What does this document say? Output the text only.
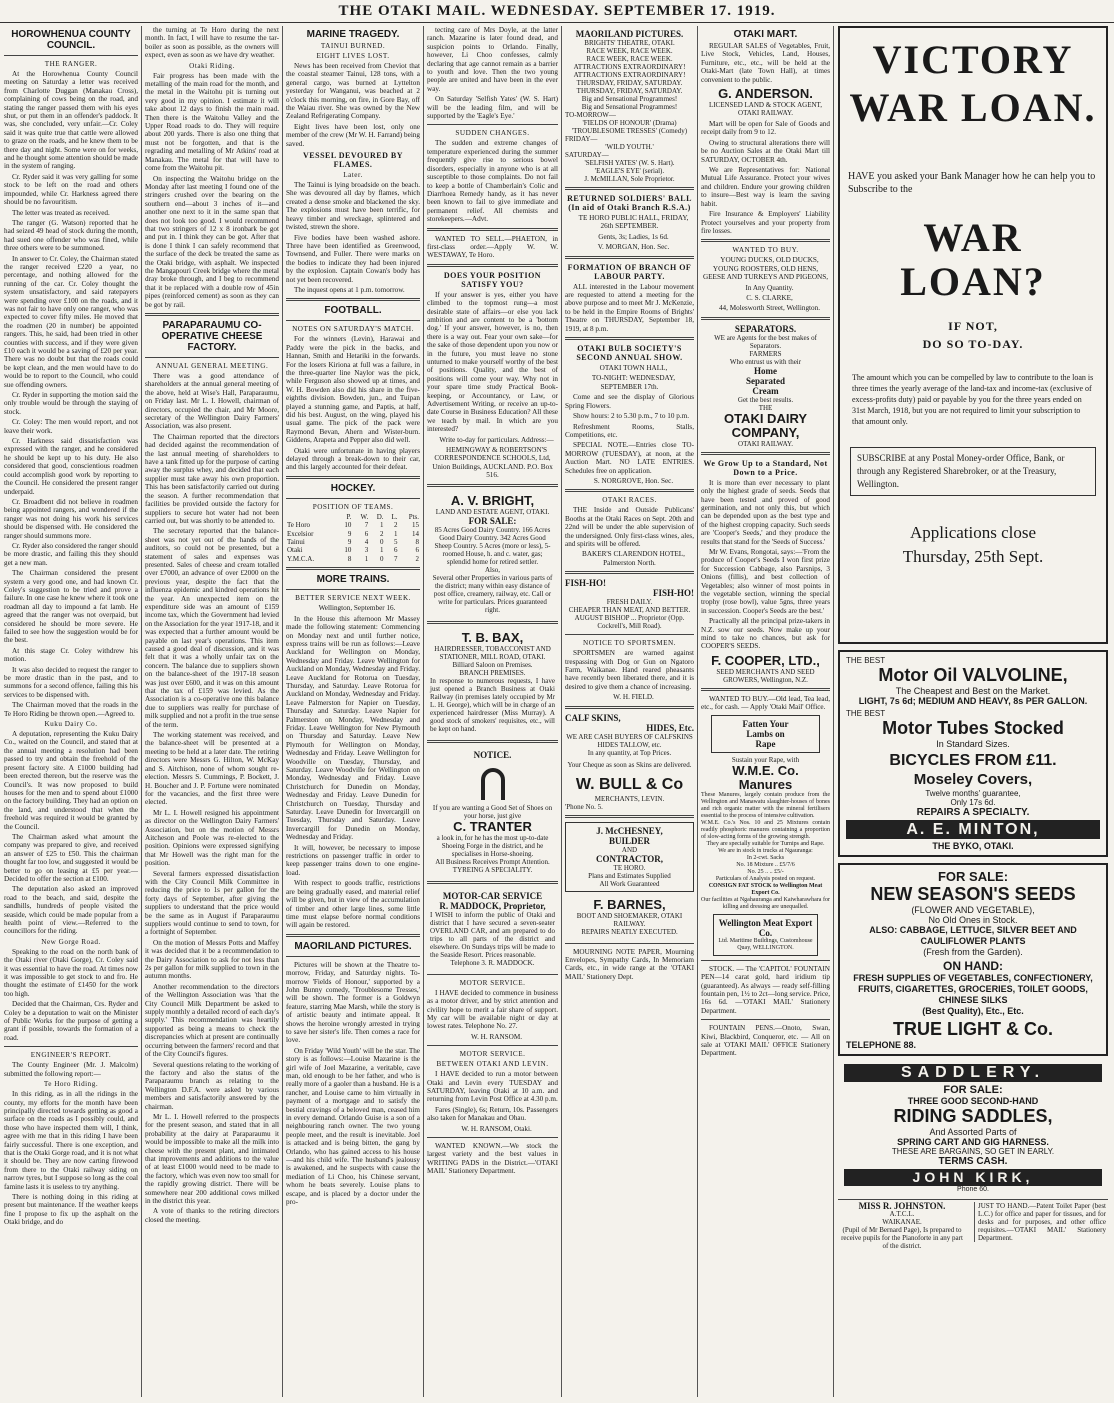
THE OTAKI MAIL. WEDNESDAY. SEPTEMBER 17. 1919.
HOROWHENUA COUNTY COUNCIL.
THE RANGER.

At the Horowhenua County Council meeting on Saturday a letter was received from Charlotte Duggan (Manakau Cross), complaining of cows being on the road, and stating the ranger passed them with his eyes shut, or put them in an offender's paddock. It was, she concluded, very unfair.—Cr. Coley said it was quite true that cattle were allowed to graze on the roads, and he knew them to be there day and night. Some were on for weeks, and he thought some attention should be made in the system of ranging.

Cr. Ryder said it was very galling for some stock to be left on the road and others impounded, while Cr. Harkness agreed there should be no favouritism.

The letter was treated as received.

The ranger (G. Watson) reported that he had seized 49 head of stock during the month, had sued one offender who was fined, while three others were to be summoned.

In answer to Cr. Coley, the Chairman stated the ranger received £220 a year, no percentage, and nothing allowed for the running of the car. Cr. Coley thought the system unsatisfactory, and said ratepayers were spending over £100 on the roads, and it was not fair to have only one ranger, who was expected to cover fifty miles. He moved that the roadmen (20 in number) be appointed rangers. This, he said, had been tried in other counties with success, and if they were given £10 each it would be a saving of £20 per year. There was no doubt but that the roads could be kept clean, and the men would have to do would be to report to the Council, who could sue offending owners.

Cr. Ryder in supporting the motion said the only trouble would be through the staying of stock.

Cr. Coley: The men would report, and not leave their work.

Cr. Harkness said dissatisfaction was expressed with the ranger, and he considered he should be kept up to his duty. He also considered that good, conscientious roadmen could accomplish good work by reporting to the Council. He considered the present ranger underpaid.

Cr. Broadbent did not believe in roadmen being appointed rangers, and wondered if the ranger was not doing his work his services should be dispensed with. He considered the ranger should summons more.

Cr. Ryder also considered the ranger should be more drastic, and failing this they should get a new man.

The Chairman considered the present system a very good one, and had known Cr. Coley's suggestion to be tried and prove a failure. In one case he knew where it took one roadman all day to impound a fat lamb. He agreed that the ranger was not overpaid, but considered he should be more severe. He failed to see how the suggestion would be for the best.

At this stage Cr. Coley withdrew his motion.

It was also decided to request the ranger to be more drastic than in the past, and to summons for a second offence, failing this his services to be dispensed with.

The Chairman moved that the roads in the Te Horo Riding be thrown open.—Agreed to.

Kuku Dairy Co.

A deputation, representing the Kuku Dairy Co., waited on the Council, and stated that at the annual meeting a resolution had been passed to try and obtain the freehold of the present factory site. A £1000 building had been erected thereon, but the reserve was the Council's. It was now proposed to build houses for the men and to spend about £1000 on the factory building. They had an option on the land, and understood that when the freehold was required it would be granted by the Council.

The Chairman asked what amount the company was prepared to give, and received an answer of £25 to £50. This the chairman thought far too low, and suggested it would be better to go on leasing at £5 per year.—Decided to offer the section at £100.

The deputation also asked an improved road to the beach, and said, despite the sandhills, hundreds of people visited the seaside, which could be made popular from a health point of view.—Referred to the councillors for the riding.

New Gorge Road.

Speaking to the road on the north bank of the Otaki river (Otaki Gorge), Cr. Coley said it was essential to have the road. At times now it was impossible to get stock to and fro. He thought the estimate of £1450 for the work too high.

Decided that the Chairman, Crs. Ryder and Coley be a deputation to wait on the Minister of Public Works for the purpose of getting a grant if possible, towards the formation of a road.

ENGINEER'S REPORT.

The County Engineer (Mr. J. Malcolm) submitted the following report:—

Te Horo Riding.

In this riding, as in all the ridings in the county, my efforts for the month have been principally directed towards getting as good a surface on the roads as I possibly could, and those who have inspected them will, I think, agree with me that in this riding I have been fairly successful. There is one exception, and that is the Otaki Gorge road, and it is not what it should be. They are now carting firewood from there to the Otaki railway siding on narrow tyres, but I suppose so long as the coal famine lasts it is useless to try anything.

There is nothing doing in this riding at present but maintenance. If the weather keeps fine I propose to fix up the asphalt on the Otaki bridge, and do

the turning at Te Horo during the next month. In fact, I will have to resume the tar-boiler as soon as possible, as the owners will expect, even as soon as we have dry weather.

Otaki Riding.

Fair progress has been made with the metalling of the main road for the month, and the metal in the Waitohu pit is turning out very good in my opinion. I estimate it will take about 12 days to finish the main road. Then there is the Waitohu Valley and the Upper Road roads to do. They will require about 200 yards. There is also one thing that must not be forgotten, and that is the regrading and metalling of Mr Atkins' road at Manakau. The metal for that will have to come from the Waitohu pit.

On inspecting the Waitohu bridge on the Monday after last meeting I found one of the stringers crushed over the bearing on the southern end—about 3 inches of it—and another one next to it in the same span that does not look too good. I would recommend that two stringers of 12 x 8 ironbark be got and put in. I think they can be got. After that is done I think I can safely recommend that the surface of the deck be treated the same as the Otaki bridge, with asphalt. We inspected the Mangapouri Creek bridge where the metal dray broke through, and I beg to recommend that it be replaced with a double row of 45in pipes (reinforced cement) as soon as they can be got by rail.

PARAPARAUMU CO-OPERATIVE CHEESE FACTORY.
ANNUAL GENERAL MEETING.

There was a good attendance of shareholders at the annual general meeting of the above, held at Wise's Hall, Paraparaumu, on Friday last. Mr L. I. Howell, chairman of directors, occupied the chair, and Mr Moore, secretary of the Wellington Dairy Farmers' Association, was also present.

The Chairman reported that the directors had decided against the recommendation of the last annual meeting of shareholders to have a tank fitted up for the purpose of carting away the surplus whey, and decided that each supplier must take away his own proportion. This has been satisfactorily carried out during the season. A further recommendation that facilities be provided outside the factory for suppliers to secure hot water had not been carried out, but was shortly to be attended to.

The secretary reported that the balance-sheet was not yet out of the hands of the auditors, so could not be presented, but a statement of sales and expenses was presented. Sales of cheese and cream totalled over £7000, an advance of over £2000 on the previous year, despite the fact that the influenza epidemic and kindred operations hit the year. An unexpected item on the expenditure side was an amount of £159 income tax, which the Government had levied on the Association for the year 1917-18, and it was expected that a further amount would be payable on last year's operations. This item caused a good deal of discussion, and it was felt that it was a wholly unfair tax on the concern. The balance due to suppliers shown on the balance-sheet of the 1917-18 season was just over £600, and it was on this amount that the tax of £159 was levied. As the Association is a co-operative one this balance due to suppliers was really for purchase of milk supplied and not a profit in the true sense of the term.

The working statement was received, and the balance-sheet will be presented at a meeting to be held at a later date. The retiring directors were Messrs G. Hilton, W. McKay and S. Aitchison, none of whom sought re-election. Messrs S. Cummings, P. Bockett, J. H. Boucher and J. P. Fortune were nominated for the vacancies, and the first three were elected.

Mr L. I. Howell resigned his appointment as director on the Wellington Dairy Farmers' Association, but on the motion of Messrs Aitcheson and Poole was re-elected to the position. Opinions were expressed signifying that Mr Howell was the right man for the position.

Several farmers expressed dissatisfaction with the City Council Milk Committee in reducing the price to 1s per gallon for the forty days of September, after giving the suppliers to understand that the price would be the same as in August if Paraparaumu suppliers would continue to send to town, for a fortnight of September.

On the motion of Messrs Potts and Maffey it was decided that it be a recommendation to the Dairy Association to ask for not less than 2s per gallon for milk supplied to town in the autumn months.

Another recommendation to the directors of the Wellington Association was 'that the City Council Milk Department be asked to supply monthly a detailed record of each day's supply.' This recommendation was heartily supported as being a means to check the discrepancies which at present are continually occurring between the farmers' record and that of the City Council's figures.

Several questions relating to the working of the factory and also the status of the Paraparaumu branch as relating to the Wellington D.F.A. were asked by various members and satisfactorily answered by the chairman.

Mr L. I. Howell referred to the prospects for the present season, and stated that in all probability at the dairy at Paraparaumu it would be impossible to make all the milk into cheese with the present plant, and intimated that improvements and additions to the value of at least £1000 would need to be made to the factory, which was even now too small for the rapidly growing district. There will be somewhere near 200 additional cows milked in the district this year.

A vote of thanks to the retiring directors closed the meeting.

MARINE TRAGEDY.
TAINUI BURNED.
EIGHT LIVES LOST.

News has been received from Cheviot that the coastal steamer Tainui, 128 tons, with a general cargo, was burned at Lyttelton yesterday for Wanganui, was beached at 2 o'clock this morning, on fire, in Gore Bay, off the Waiau river. She was owned by the New Zealand Refrigerating Company.

Eight lives have been lost, only one member of the crew (Mr W. H. Farrand) being saved.

VESSEL DEVOURED BY FLAMES.
Later.

The Tainui is lying broadside on the beach. She was devoured all day by flames, which created a dense smoke and blackened the sky. The explosions must have been terrific, for heavy timber and wreckage, splintered and twisted, strewn the shore.

Five bodies have been washed ashore. Three have been identified as Greenwood, Townsend, and Fuller. There were marks on the bodies to indicate they had been injured by the explosion. Captain Cowan's body has not yet been recovered.

The inquest opens at 1 p.m. tomorrow.

FOOTBALL.
NOTES ON SATURDAY'S MATCH.

For the winners (Levin), Harawai and Paddy were the pick in the backs, and Hannan, Smith and Hetariki in the forwards. For the losers Kiriona at full was a failure, in the three-quarter line Naylor was the pick, while Ferguson also showed up at times, and W. H. Bowden also did his share in the five-eighths division. Bowden, jun., and Tuipan played a stunning game, and Paptis, at half, did his best. August, on the wing, played his usual game. The pick of the pack were Raymond Bevan, Ahern and Wister-burn. Giddens, Arapeta and Pepper also did well.

Otaki were unfortunate in having players delayed through a break-down to their car, and this largely accounted for their defeat.

HOCKEY.
POSITION OF TEAMS.
	P.	W.	D.	L.	Pts.
Te Horo	10	7	1	2	15
Excelsior	9	6	2	1	14
Tainui	9	4	0	5	8
Otaki	10	3	1	6	6
Y.M.C.A.	8	1	0	7	2
MORE TRAINS.
BETTER SERVICE NEXT WEEK.

Wellington, September 16.

In the House this afternoon Mr Massey made the following statement: Commencing on Monday next and until further notice, express trains will be run as follows:—Leave Auckland for Wellington on Monday, Wednesday and Friday. Leave Wellington for Auckland on Monday, Wednesday and Friday. Leave Auckland for Rotorua on Tuesday, Thursday, and Saturday. Leave Rotorua for Auckland on Monday, Wednesday and Friday. Leave Palmerston for Napier on Tuesday, Thursday and Saturday. Leave Napier for Palmerston on Monday, Wednesday and Friday. Leave Wellington for New Plymouth on Thursday and Saturday. Leave New Plymouth for Wellington on Monday, Wednesday and Friday. Leave Wellington for Woodville on Tuesday, Thursday, and Saturday. Leave Woodville for Wellington on Monday, Wednesday and Friday. Leave Christchurch for Dunedin on Monday, Wednesday and Friday. Leave Dunedin for Christchurch on Tuesday, Thursday and Saturday. Leave Dunedin for Invercargill on Tuesday, Thursday and Saturday. Leave Invercargill for Dunedin on Monday, Wednesday and Friday.

It will, however, be necessary to impose restrictions on passenger traffic in order to keep passenger trains down to one engine-load.

With respect to goods traffic, restrictions are being gradually eased, and material relief will be given, but in view of the accumulation of timber and other large lines, some little time must elapse before normal conditions will again be restored.

MAORILAND PICTURES.

Pictures will be shown at the Theatre to-morrow, Friday, and Saturday nights. To-morrow 'Fields of Honour,' supported by a John Bunny comedy, 'Troublesome Tresses,' will be shown. The former is a Goldwyn feature, starring Mae Marsh, while the story is of artistic beauty and intimate appeal. It shows the heroine wrongly arrested in trying to save her sister's life. Then comes a race for love.

On Friday 'Wild Youth' will be the star. The story is as follows:—Louise Mazarine is the girl wife of Joel Mazarine, a veritable, cave man, old enough to be her father, and who is really more of a gaoler than a husband. He is a rancher, and Louise came to him virtually in payment of a mortgage and to satisfy the bestial cravings of a beloved man, ceased him in every demand. Orlando Guise is a son of a neighbouring ranch owner. The two young people meet, and the result is inevitable. Joel is attacked and is being bitten, the gang by Orlando, who has gained access to his house—and his child wife. The husband's jealousy is awakened, and he suspects with cause the mediation of Li Choo, his Chinese servant, whom he beats severely. Louise plans to escape, and is placed by a doctor under the pro-

tecting care of Mrs Doyle, at the latter ranch. Mazarine is later found dead, and suspicion points to Orlando. Finally, however, Li Choo confesses, calmly declaring that age cannot remain as a barrier to youth and love. Then the two young people are united and have been in the ever way.

On Saturday 'Selfish Yates' (W. S. Hart) will be the leading film, and will be supported by the 'Eagle's Eye.'

SUDDEN CHANGES.

The sudden and extreme changes of temperature experienced during the summer frequently give rise to serious bowel disorders, especially in anyone who is at all susceptible to those complaints. Do not fail to keep a bottle of Chamberlain's Colic and Diarrhoea Remedy handy, as it has never been known to fail to give immediate and permanent relief. All chemists and storekeepers.—Advt.

WANTED TO SELL.—PHAETON, in first-class order.—Apply W. W. WESTAWAY, Te Horo.

DOES YOUR POSITION SATISFY YOU?

If your answer is yes, either you have climbed to the topmost rung—a most desirable state of affairs—or else you lack ambition and are content to be a 'bottom dog.' If your answer, however, is no, then there is a way out. Fear your own sake—for the sake of those dependent upon you now or in the future, you must leave no stone unturned to make yourself worthy of the best of positions. Quality, and the best of positions will come your way. Why not in your spare time study Practical Book-keeping, or Accountancy, or Law, or Advertisement Writing, or receive an up-to-date Course in Business Education? All these we teach by mail. In which are you interested?

Write to-day for particulars. Address:—

HEMINGWAY & ROBERTSON'S CORRESPONDENCE SCHOOLS, Ltd, Union Buildings, AUCKLAND. P.O. Box 516.

A. V. BRIGHT,
LAND AND ESTATE AGENT, OTAKI.
FOR SALE:
85 Acres Good Dairy Country. 166 Acres Good Dairy Country. 342 Acres Good Sheep Country. 5 Acres (more or less), 5-roomed House, h. and c. water, gas; splendid home for retired settler.
Also,
Several other Properties in various parts of the district; many within easy distance of post office, creamery, railway, etc. Call or write for particulars. Prices guaranteed right.
T. B. BAX,
HAIRDRESSER, TOBACCONIST AND STATIONER, MILL ROAD, OTAKI.
Billiard Saloon on Premises.
BRANCH PREMISES.
In response to numerous requests, I have just opened a Branch Business at Otaki Railway (in premises lately occupied by Mr L. H. George), which will be in charge of an experienced hairdresser (Miss Murray). A good stock of smokers' requisites, etc., will be kept on hand.
NOTICE.
If you are wanting a Good Set of Shoes on your horse, just give
C. TRANTER
a look in, for he has the most up-to-date Shoeing Forge in the district, and he specialises in Horse-shoeing.
All Business Receives Prompt Attention.
TYREING A SPECIALITY.
MOTOR-CAR SERVICE
R. MADDOCK, Proprietor,
I WISH to inform the public of Otaki and district that I have secured a seven-seater OVERLAND CAR, and am prepared to do trips to all parts of the district and elsewhere. On Sundays trips will be made to the Seaside Resort. Prices reasonable.
Telephone 3. R. MADDOCK.
MOTOR SERVICE.

I HAVE decided to commence in business as a motor driver, and by strict attention and civility hope to merit a fair share of support. My car will be available night or day at lowest rates. Telephone No. 27.

W. H. RANSOM.

MOTOR SERVICE.
BETWEEN OTAKI AND LEVIN.

I HAVE decided to run a motor between Otaki and Levin every TUESDAY and SATURDAY, leaving Otaki at 10 a.m. and returning from Levin Post Office at 4.30 p.m.

Fares (Single), 6s; Return, 10s. Passengers also taken for Manakau and Ohau.

W. H. RANSOM, Otaki.

WANTED KNOWN.—We stock the largest variety and the best values in WRITING PADS in the District.—'OTAKI MAIL' Stationery Department.

MAORILAND PICTURES.
BRIGHTS' THEATRE, OTAKI.
RACE WEEK, RACE WEEK.
RACE WEEK, RACE WEEK.
ATTRACTIONS EXTRAORDINARY!
ATTRACTIONS EXTRAORDINARY!
THURSDAY, FRIDAY, SATURDAY.
THURSDAY, FRIDAY, SATURDAY.
Big and Sensational Programmes!
Big and Sensational Programmes!
TO-MORROW—
'FIELDS OF HONOUR' (Drama)
'TROUBLESOME TRESSES' (Comedy)
FRIDAY—
'WILD YOUTH.'
SATURDAY—
'SELFISH YATES' (W. S. Hart).
'EAGLE'S EYE' (serial).
J. McMILLAN, Sole Proprietor.
RETURNED SOLDIERS' BALL (In aid of Otaki Branch R.S.A.)

TE HORO PUBLIC HALL, FRIDAY, 26th SEPTEMBER.

Gents, 3s; Ladies, 1s 6d.

V. MORGAN, Hon. Sec.

FORMATION OF BRANCH OF LABOUR PARTY.

ALL interested in the Labour movement are requested to attend a meeting for the above purpose and to meet Mr J. McKenzie, to be held in the Empire Rooms of Brights' Theatre on THURSDAY, September 18, 1919, at 8 p.m.

OTAKI BULB SOCIETY'S SECOND ANNUAL SHOW.

OTAKI TOWN HALL,

TO-NIGHT: WEDNESDAY, SEPTEMBER 17th.

Come and see the display of Glorious Spring Flowers.

Show hours: 2 to 5.30 p.m., 7 to 10 p.m.

Refreshment Rooms, Stalls, Competitions, etc.

SPECIAL NOTE.—Entries close TO-MORROW (TUESDAY), at noon, at the Auction Mart. NO LATE ENTRIES. Schedules free on application.

S. NORGROVE, Hon. Sec.

OTAKI RACES.

THE Inside and Outside Publicans' Booths at the Otaki Races on Sept. 20th and 22nd will be under the able supervision of the undersigned. Only first-class wines, ales, and spirits will be offered.

BAKER'S CLARENDON HOTEL, Palmerston North.

FISH-HO!
FISH-HO!
FRESH DAILY.
CHEAPER THAN MEAT, AND BETTER.
AUGUST BISHOP ... Proprietor (Opp. Cockrell's, Mill Road).
NOTICE TO SPORTSMEN.

SPORTSMEN are warned against trespassing with Dog or Gun on Ngatoro Farm, Waikanae. Hand reared pheasants have recently been liberated there, and it is desired to give them a chance of increasing.

W. H. FIELD.

CALF SKINS,
HIDES, Etc.
WE ARE CASH BUYERS OF CALFSKINS HIDES TALLOW, etc.
In any quantity, at Top Prices.
Your Cheque as soon as Skins are delivered.
W. BULL & Co
MERCHANTS, LEVIN.
'Phone No. 5.
J. McCHESNEY,
BUILDER
AND
CONTRACTOR,
TE HORO.
Plans and Estimates Supplied
All Work Guaranteed
F. BARNES,
BOOT AND SHOEMAKER, OTAKI RAILWAY.
REPAIRS NEATLY EXECUTED.

MOURNING NOTE PAPER, Mourning Envelopes, Sympathy Cards, In Memoriam Cards, etc., in wide range at the 'OTAKI MAIL' Stationery Dept.

OTAKI MART.

REGULAR SALES of Vegetables, Fruit, Live Stock, Vehicles, Land, Houses, Furniture, etc., etc., will be held at the Otaki-Mart (late Town Hall), at times convenient to the public.

G. ANDERSON.
LICENSED LAND & STOCK AGENT, OTAKI RAILWAY.

Mart will be open for Sale of Goods and receipt daily from 9 to 12.

Owing to structural alterations there will be no Auction Sales at the Otaki Mart till SATURDAY, OCTOBER 4th.

We are Representatives for: National Mutual Life Assurance. Protect your wives and children. Endure your growing children to insure—Best way is learn the saving habit.

Fire Insurance & Employers' Liability Protect yourselves and your property from fire losses.

WANTED TO BUY.

YOUNG DUCKS, OLD DUCKS, YOUNG ROOSTERS, OLD HENS, GEESE AND TURKEYS AND PIGEONS,

In Any Quantity.

C. S. CLARKE,

44, Molesworth Street, Wellington.

SEPARATORS.
WE are Agents for the best makes of Separators.
FARMERS
Who entrust us with their
Home
Separated
Cream
Get the best results.
THE
OTAKI DAIRY
COMPANY,
OTAKI RAILWAY.
We Grow Up to a Standard, Not Down to a Price.

It is more than ever necessary to plant only the highest grade of seeds. Seeds that have been tested and proved of good germination, and not only this, but which can be depended upon as the best type and of the highest cropping capacity. Such seeds are 'Cooper's Seeds,' and they produce the results that stand for the 'Seeds of Success.'

Mr W. Evans, Rongotai, says:—'From the produce of Cooper's Seeds I won first prize for Succession Cabbage, also Parsnips, 3 Onions (fillis), and best collection of Vegetables; also winner of most points in the vegetable section, winning the special trophy (rose bowl), value 5gns, three years in succession. Cooper's Seeds are the best.'

Practically all the principal prize-takers in N.Z. sow our seeds. Now make up your mind to take no chances, but ask for COOPER'S SEEDS.

F. COOPER, LTD.,
SEED MERCHANTS AND SEED GROWERS, Wellington, N.Z.

WANTED TO BUY.—Old lead, Tea lead, etc., for cash. — Apply 'Otaki Mail' Office.

Fatten Your
Lambs on
Rape
Sustain your Rape, with
W.M.E. Co.
Manures
These Manures, largely contain produce from the Wellington and Manawatu slaughter-houses of bones and rich organic matter with the mineral fertilisers essential to the process of intensive cultivation.
W.M.E. Co.'s Nos. 10 and 25 Mixtures contain readily phosphoric manures containing a proportion of slow-acting forms of the growing strength.
They are specially suitable for Turnips and Rape.
We are in stock in trucks at Ngauranga:
In 2-cwt. Sacks
No. 18 Mixture .. £5/7/6
No. 25 .. .. £5/-
Particulars of Analysis posted on request.
CONSIGN FAT STOCK to Wellington Meat Export Co.
Our facilities at Ngahauranga and Kaiwharawhara for killing and dressing are unequalled.
Wellington Meat Export Co.
Ltd. Maritime Buildings, Customhouse Quay, WELLINGTON.

STOCK. — The 'CAPITOL' FOUNTAIN PEN—14 carat gold, hard iridium tip (guaranteed). As always — ready self-filling fountain pen, 1½ to 2ct—long service. Price, 16s 6d. —'OTAKI MAIL' Stationery Department.

FOUNTAIN PENS.—Onoto, Swan, Kiwi, Blackbird, Conqueror, etc. — All on sale at 'OTAKI MAIL' OFFICE Stationery Department.

VICTORY
WAR LOAN.
HAVE you asked your Bank Manager how he can help you to Subscribe to the
WAR LOAN?
IF NOT,
DO SO TO-DAY.
The amount which you can be compelled by law to contribute to the loan is three times the yearly average of the land-tax and income-tax (exclusive of excess-profits duty) paid or payable by you for the three years ended on 31st March, 1918, but you are not required to limit your subscription to that amount only.
SUBSCRIBE at any Postal Money-order Office, Bank, or through any Registered Sharebroker, or at the Treasury, Wellington.
Applications close
Thursday, 25th Sept.
THE BEST
Motor Oil VALVOLINE,
The Cheapest and Best on the Market.
LIGHT, 7s 6d; MEDIUM AND HEAVY, 8s PER GALLON.
THE BEST
Motor Tubes Stocked
In Standard Sizes.
BICYCLES FROM £11.
Moseley Covers,
Twelve months' guarantee,
Only 17s 6d.
REPAIRS A SPECIALTY.
A. E. MINTON,
THE BYKO, OTAKI.
FOR SALE:
NEW SEASON'S SEEDS
(FLOWER AND VEGETABLE),
No Old Ones in Stock.
ALSO: CABBAGE, LETTUCE, SILVER BEET AND CAULIFLOWER PLANTS
(Fresh from the Garden).
ON HAND:
FRESH SUPPLIES OF VEGETABLES, CONFECTIONERY, FRUITS, CIGARETTES, GROCERIES, TOILET GOODS, CHINESE SILKS
(Best Quality), Etc., Etc.
TRUE LIGHT & Co.
TELEPHONE 88.
SADDLERY.
FOR SALE:
THREE GOOD SECOND-HAND
RIDING SADDLES,
And Assorted Parts of
SPRING CART AND GIG HARNESS.
THESE ARE BARGAINS, SO GET IN EARLY.
TERMS CASH.
JOHN KIRK,
Phone 60.
MISS R. JOHNSTON.
A.T.C.L.
WAIKANAE.
(Pupil of Mr Bernard Page), Is prepared to receive pupils for the Pianoforte in any part of the district.
JUST TO HAND.—Patent Toilet Paper (best L.C.) for office and paper for tissues, and for desks and for purposes, and other office requisites.—'OTAKI MAIL' Stationery Department.
